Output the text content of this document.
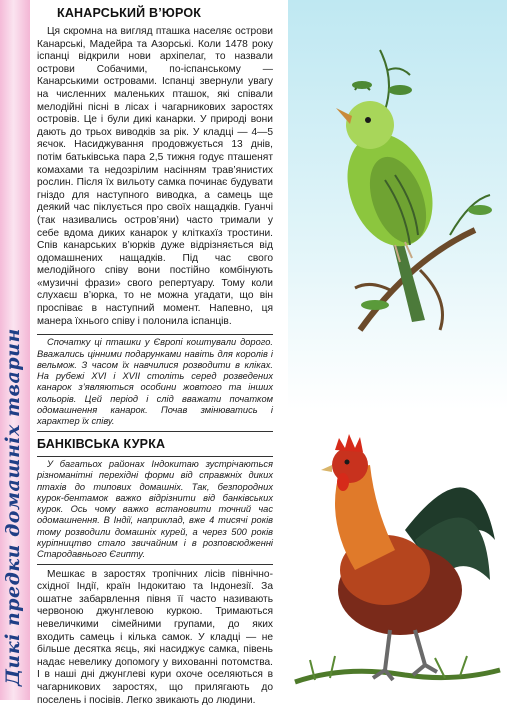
Дикі предки домашніх тварин
КАНАРСЬКИЙ В’ЮРОК
Ця скромна на вигляд пташка населяє острови Канарські, Мадейра та Азорські. Коли 1478 року іспанці відкрили нови архіпелаг, то назвали острови Собачими, по-іспанському — Канарськими островами. Іспанці звернули увагу на численних маленьких пташок, які співали мелодійні пісні в лісах і чагарникових заростях островів. Це і були дикі канарки. У природі вони дають до трьох виводків за рік. У кладці — 4—5 яєчок. Насиджування продовжується 13 днів, потім батьківська пара 2,5 тижня годує пташенят комахами та недозрілим насінням трав’янистих рослин. Після їх вильоту самка починає будувати гніздо для наступного виводка, а самець ще деякий час піклується про своїх нащадків. Гуанчі (так називались остров’яни) часто тримали у себе вдома диких канарок у кліткахїз тростини. Спів канарських в’юрків дуже відрізняється від одомашнених нащадків. Під час свого мелодійного співу вони постійно комбінують «музичні фрази» свого репертуару. Тому коли слухаєш в’юрка, то не можна угадати, що він проспіває в наступний момент. Напевно, ця манера їхнього співу і полонила іспанців.
Спочатку ці пташки у Європі коштували дорого. Вважались цінними подарунками навіть для королів і вельмож. З часом їх навчилися розводити в кліках. На рубежі XVI і XVII століть серед розведених канарок з’являються особини жовтого та інших кольорів. Цей період і слід вважати початком одомашнення канарок. Почав змінюватись і характер їх співу.
БАНКІВСЬКА КУРКА
У багатьох районах Індокитаю зустрічаються різноманітні перехідні форми від справжніх диких птахів до типових домашніх. Так, безпородних курок-бентамок важко відрізнити від банківських курок. Ось чому важко встановити точний час одомашнення. В Індії, наприклад, вже 4 тисячі років тому розводили домашніх курей, а через 500 років куріпництво стало звичайним і в розповсюдженні Стародавнього Єгипту.
Мешкає в заростях тропічних лісів північно-східної Індії, країн Індокитаю та Індонезії. За ошатне забарвлення півня її часто називають червоною джунглевою куркою. Тримаються невеличкими сімейними групами, до яких входить самець і кілька самок. У кладці — не більше десятка яєць, які насиджує самка, півень надає невелику допомогу у вихованні потомства. І в наші дні джунглеві кури охоче оселяються в чагарникових заростях, що прилягають до поселень і посівів. Легко звикають до людини.
